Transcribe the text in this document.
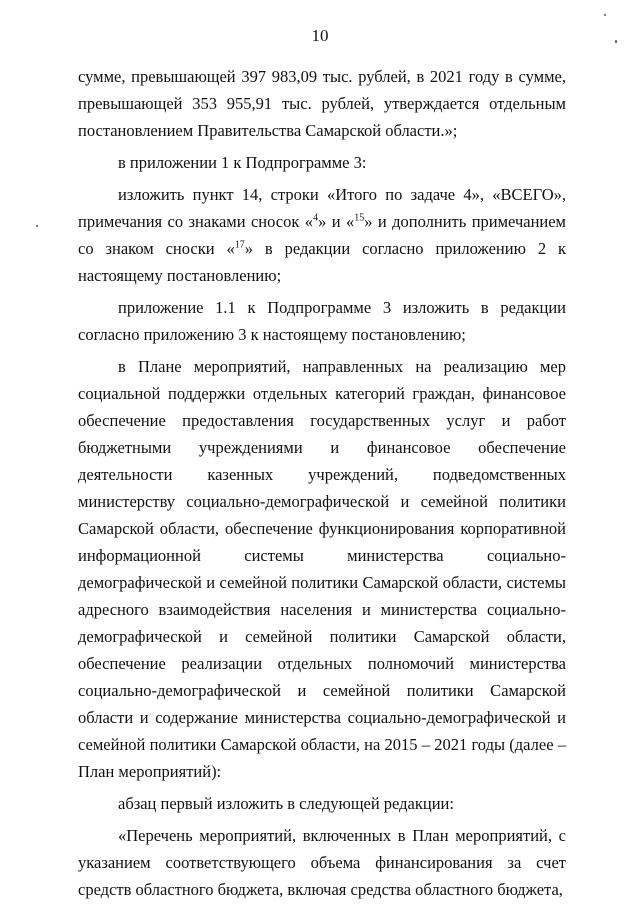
10

сумме, превышающей 397 983,09 тыс. рублей, в 2021 году в сумме, превышающей 353 955,91 тыс. рублей, утверждается отдельным постановлением Правительства Самарской области.»;

в приложении 1 к Подпрограмме 3:

изложить пункт 14, строки «Итого по задаче 4», «ВСЕГО», примечания со знаками сносок «$^4$» и «$^{15}$» и дополнить примечанием со знаком сноски «$^{17}$» в редакции согласно приложению 2 к настоящему постановлению;

приложение 1.1 к Подпрограмме 3 изложить в редакции согласно приложению 3 к настоящему постановлению;

в Плане мероприятий, направленных на реализацию мер социальной поддержки отдельных категорий граждан, финансовое обеспечение предоставления государственных услуг и работ бюджетными учреждениями и финансовое обеспечение деятельности казенных учреждений, подведомственных министерству социально-демографической и семейной политики Самарской области, обеспечение функционирования корпоративной информационной системы министерства социально-демографической и семейной политики Самарской области, системы адресного взаимодействия населения и министерства социально-демографической и семейной политики Самарской области, обеспечение реализации отдельных полномочий министерства социально-демографической и семейной политики Самарской области и содержание министерства социально-демографической и семейной политики Самарской области, на 2015 – 2021 годы (далее – План мероприятий):

абзац первый изложить в следующей редакции:

«Перечень мероприятий, включенных в План мероприятий, с указанием соответствующего объема финансирования за счет средств областного бюджета, включая средства областного бюджета,
